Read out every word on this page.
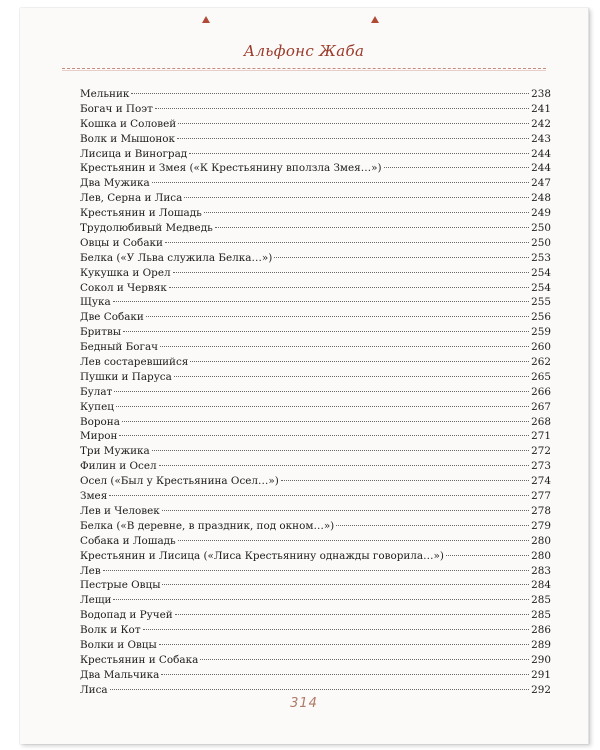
Альфонс Жаба
Мельник	238
Богач и Поэт	241
Кошка и Соловей	242
Волк и Мышонок	243
Лисица и Виноград	244
Крестьянин и Змея («К Крестьянину вползла Змея…»)	244
Два Мужика	247
Лев, Серна и Лиса	248
Крестьянин и Лошадь	249
Трудолюбивый Медведь	250
Овцы и Собаки	250
Белка («У Льва служила Белка…»)	253
Кукушка и Орел	254
Сокол и Червяк	254
Щука	255
Две Собаки	256
Бритвы	259
Бедный Богач	260
Лев состаревшийся	262
Пушки и Паруса	265
Булат	266
Купец	267
Ворона	268
Мирон	271
Три Мужика	272
Филин и Осел	273
Осел («Был у Крестьянина Осел…»)	274
Змея	277
Лев и Человек	278
Белка («В деревне, в праздник, под окном…»)	279
Собака и Лошадь	280
Крестьянин и Лисица («Лиса Крестьянину однажды говорила…»)	280
Лев	283
Пестрые Овцы	284
Лещи	285
Водопад и Ручей	285
Волк и Кот	286
Волки и Овцы	289
Крестьянин и Собака	290
Два Мальчика	291
Лиса	292
314
